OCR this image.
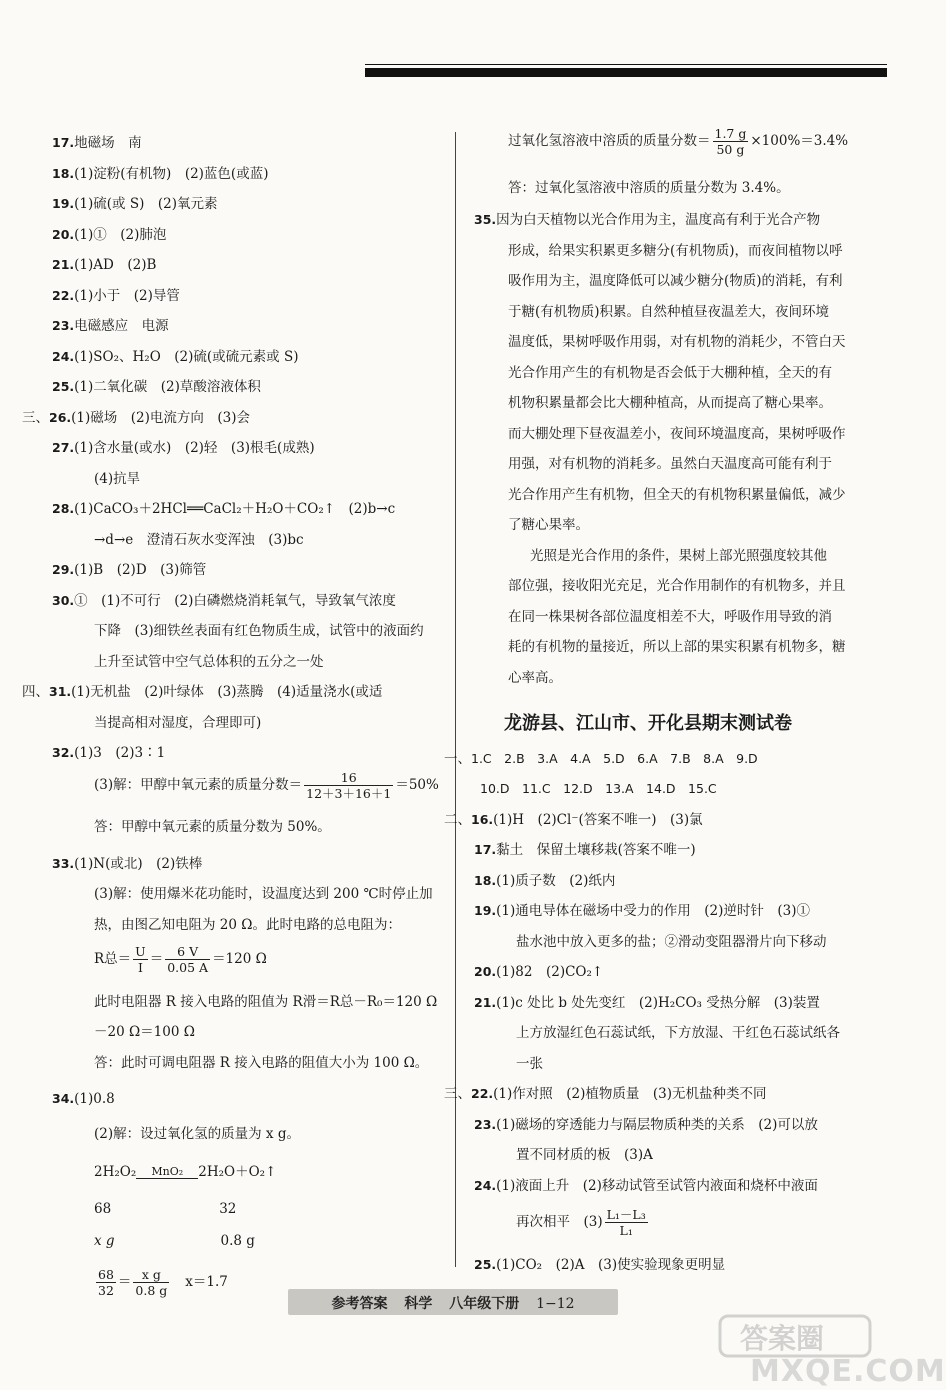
17.地磁场　南
18.(1)淀粉(有机物)　(2)蓝色(或蓝)
19.(1)硫(或 S)　(2)氧元素
20.(1)①　(2)肺泡
21.(1)AD　(2)B
22.(1)小于　(2)导管
23.电磁感应　电源
24.(1)SO₂、H₂O　(2)硫(或硫元素或 S)
25.(1)二氧化碳　(2)草酸溶液体积
三、26.(1)磁场　(2)电流方向　(3)会
27.(1)含水量(或水)　(2)轻　(3)根毛(成熟)
(4)抗旱
28.(1)CaCO₃＋2HCl══CaCl₂＋H₂O＋CO₂↑　(2)b→c
→d→e　澄清石灰水变浑浊　(3)bc
29.(1)B　(2)D　(3)筛管
30.①　(1)不可行　(2)白磷燃烧消耗氧气，导致氧气浓度
下降　(3)细铁丝表面有红色物质生成，试管中的液面约
上升至试管中空气总体积的五分之一处
四、31.(1)无机盐　(2)叶绿体　(3)蒸腾　(4)适量浇水(或适
当提高相对湿度，合理即可)
32.(1)3　(2)3∶1
(3)解：甲醇中氧元素的质量分数＝ $\frac{16}{12+3+16+1} =50\%$
答：甲醇中氧元素的质量分数为 50%。
33.(1)N(或北)　(2)铁棒
(3)解：使用爆米花功能时，设温度达到 200 ℃时停止加
热，由图乙知电阻为 20 Ω。此时电路的总电阻为：
R总＝ $\frac{U}{I} = \frac{6 V}{0.05 A} =120$ Ω
此时电阻器 R 接入电路的阻值为 R滑＝R总－R₀＝120 Ω
－20 Ω＝100 Ω
答：此时可调电阻器 R 接入电路的阻值大小为 100 Ω。
34.(1)0.8
(2)解：设过氧化氢的质量为 x g。
2H₂O₂	MnO₂	2H₂O＋O₂↑
68	32
x g	0.8 g
$\frac{68}{32} = \frac{\text{x g}}{0.8 g} x=1.7$
过氧化氢溶液中溶质的质量分数＝ $\frac{1.7 g}{50 g} \times 100\%=3.4\%$
答：过氧化氢溶液中溶质的质量分数为 3.4%。
35.因为白天植物以光合作用为主，温度高有利于光合产物
形成，给果实积累更多糖分(有机物质)，而夜间植物以呼
吸作用为主，温度降低可以减少糖分(物质)的消耗，有利
于糖(有机物质)积累。自然种植昼夜温差大，夜间环境
温度低，果树呼吸作用弱，对有机物的消耗少，不管白天
光合作用产生的有机物是否会低于大棚种植，全天的有
机物积累量都会比大棚种植高，从而提高了糖心果率。
而大棚处理下昼夜温差小，夜间环境温度高，果树呼吸作
用强，对有机物的消耗多。虽然白天温度高可能有利于
光合作用产生有机物，但全天的有机物积累量偏低，减少
了糖心果率。
光照是光合作用的条件，果树上部光照强度较其他
部位强，接收阳光充足，光合作用制作的有机物多，并且
在同一株果树各部位温度相差不大，呼吸作用导致的消
耗的有机物的量接近，所以上部的果实积累有机物多，糖
心率高。
龙游县、江山市、开化县期末测试卷
一、1.C　2.B　3.A　4.A　5.D　6.A　7.B　8.A　9.D
10.D　11.C　12.D　13.A　14.D　15.C
二、16.(1)H　(2)Cl⁻(答案不唯一)　(3)氯
17.黏土　保留土壤移栽(答案不唯一)
18.(1)质子数　(2)纸内
19.(1)通电导体在磁场中受力的作用　(2)逆时针　(3)①
盐水池中放入更多的盐；②滑动变阻器滑片向下移动
20.(1)82　(2)CO₂↑
21.(1)c 处比 b 处先变红　(2)H₂CO₃ 受热分解　(3)装置
上方放湿红色石蕊试纸，下方放湿、干红色石蕊试纸各
一张
三、22.(1)作对照　(2)植物质量　(3)无机盐种类不同
23.(1)磁场的穿透能力与隔层物质种类的关系　(2)可以放
置不同材质的板　(3)A
24.(1)液面上升　(2)移动试管至试管内液面和烧杯中液面
再次相平　$(3) \frac{\text{L₁－L₃}}{\text{L₁}}$
25.(1)CO₂　(2)A　(3)使实验现象更明显
参考答案 科学 八年级下册 1−12
答案圈
MXQE.COM
